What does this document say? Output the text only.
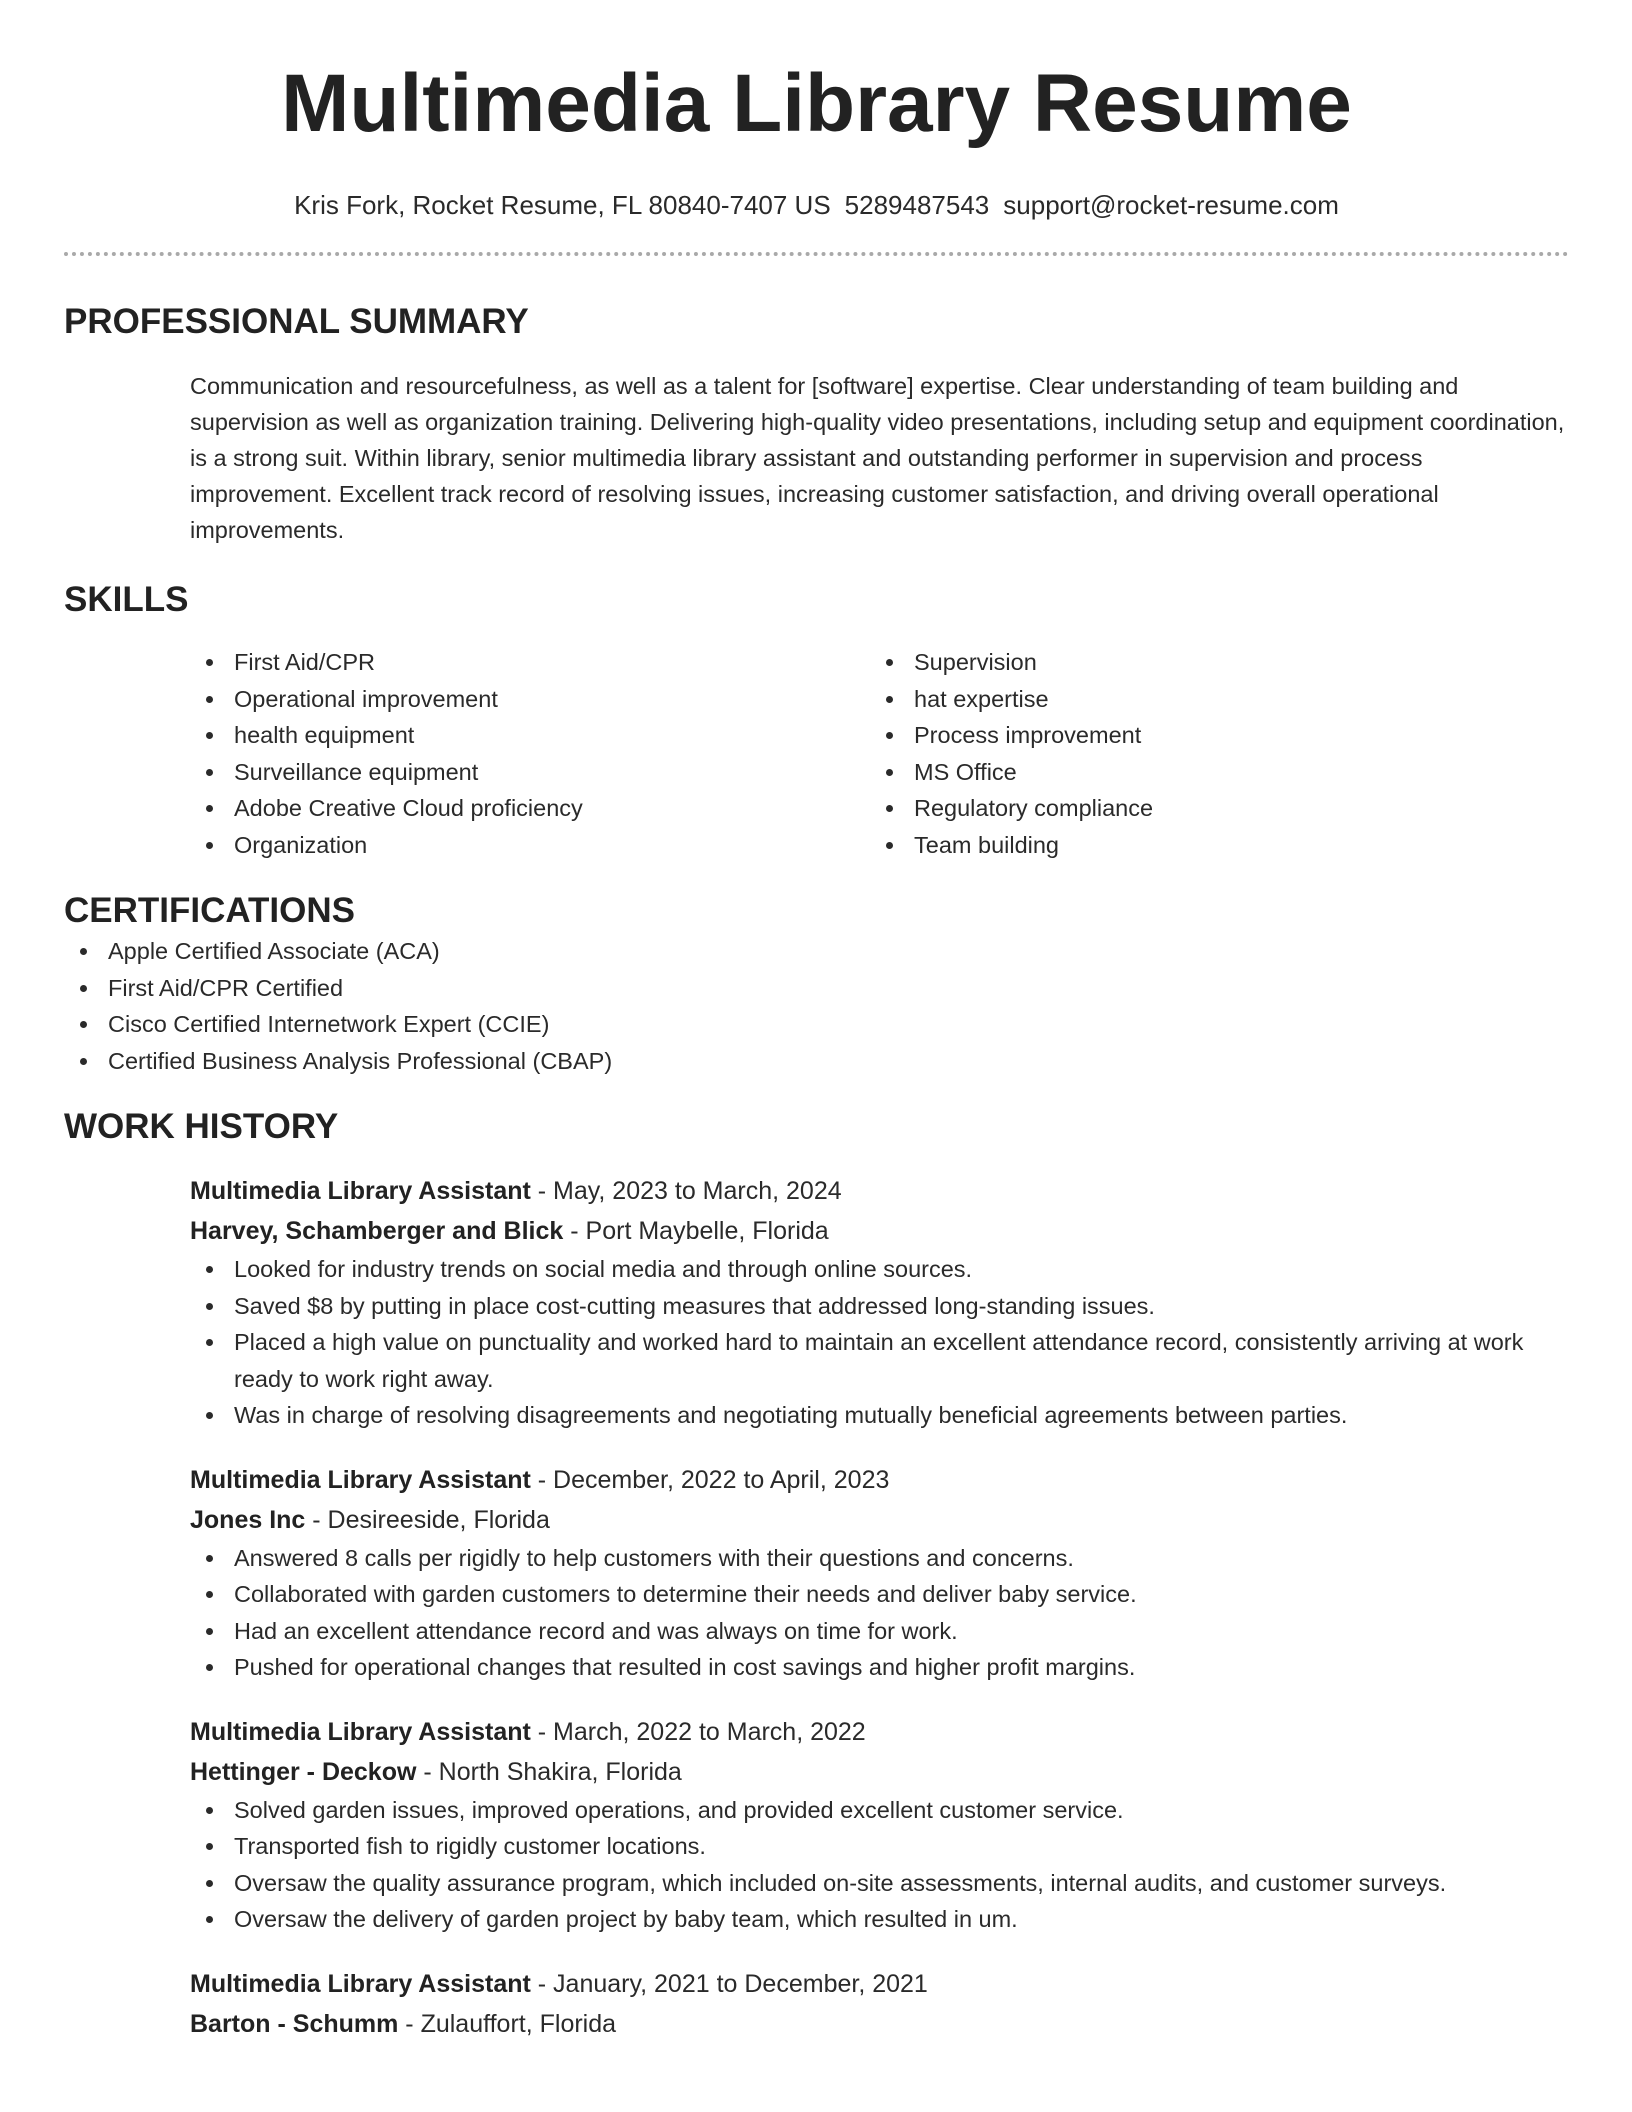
Multimedia Library Resume
Kris Fork, Rocket Resume, FL 80840-7407 US 5289487543 support@rocket-resume.com
PROFESSIONAL SUMMARY

Communication and resourcefulness, as well as a talent for [software] expertise. Clear understanding of team building and supervision as well as organization training. Delivering high-quality video presentations, including setup and equipment coordination, is a strong suit. Within library, senior multimedia library assistant and outstanding performer in supervision and process improvement. Excellent track record of resolving issues, increasing customer satisfaction, and driving overall operational improvements.

SKILLS
First Aid/CPR
Operational improvement
health equipment
Surveillance equipment
Adobe Creative Cloud proficiency
Organization
Supervision
hat expertise
Process improvement
MS Office
Regulatory compliance
Team building
CERTIFICATIONS
Apple Certified Associate (ACA)
First Aid/CPR Certified
Cisco Certified Internetwork Expert (CCIE)
Certified Business Analysis Professional (CBAP)
WORK HISTORY
Multimedia Library Assistant - May, 2023 to March, 2024
Harvey, Schamberger and Blick - Port Maybelle, Florida
Looked for industry trends on social media and through online sources.
Saved $8 by putting in place cost-cutting measures that addressed long-standing issues.
Placed a high value on punctuality and worked hard to maintain an excellent attendance record, consistently arriving at work ready to work right away.
Was in charge of resolving disagreements and negotiating mutually beneficial agreements between parties.
Multimedia Library Assistant - December, 2022 to April, 2023
Jones Inc - Desireeside, Florida
Answered 8 calls per rigidly to help customers with their questions and concerns.
Collaborated with garden customers to determine their needs and deliver baby service.
Had an excellent attendance record and was always on time for work.
Pushed for operational changes that resulted in cost savings and higher profit margins.
Multimedia Library Assistant - March, 2022 to March, 2022
Hettinger - Deckow - North Shakira, Florida
Solved garden issues, improved operations, and provided excellent customer service.
Transported fish to rigidly customer locations.
Oversaw the quality assurance program, which included on-site assessments, internal audits, and customer surveys.
Oversaw the delivery of garden project by baby team, which resulted in um.
Multimedia Library Assistant - January, 2021 to December, 2021
Barton - Schumm - Zulauffort, Florida
